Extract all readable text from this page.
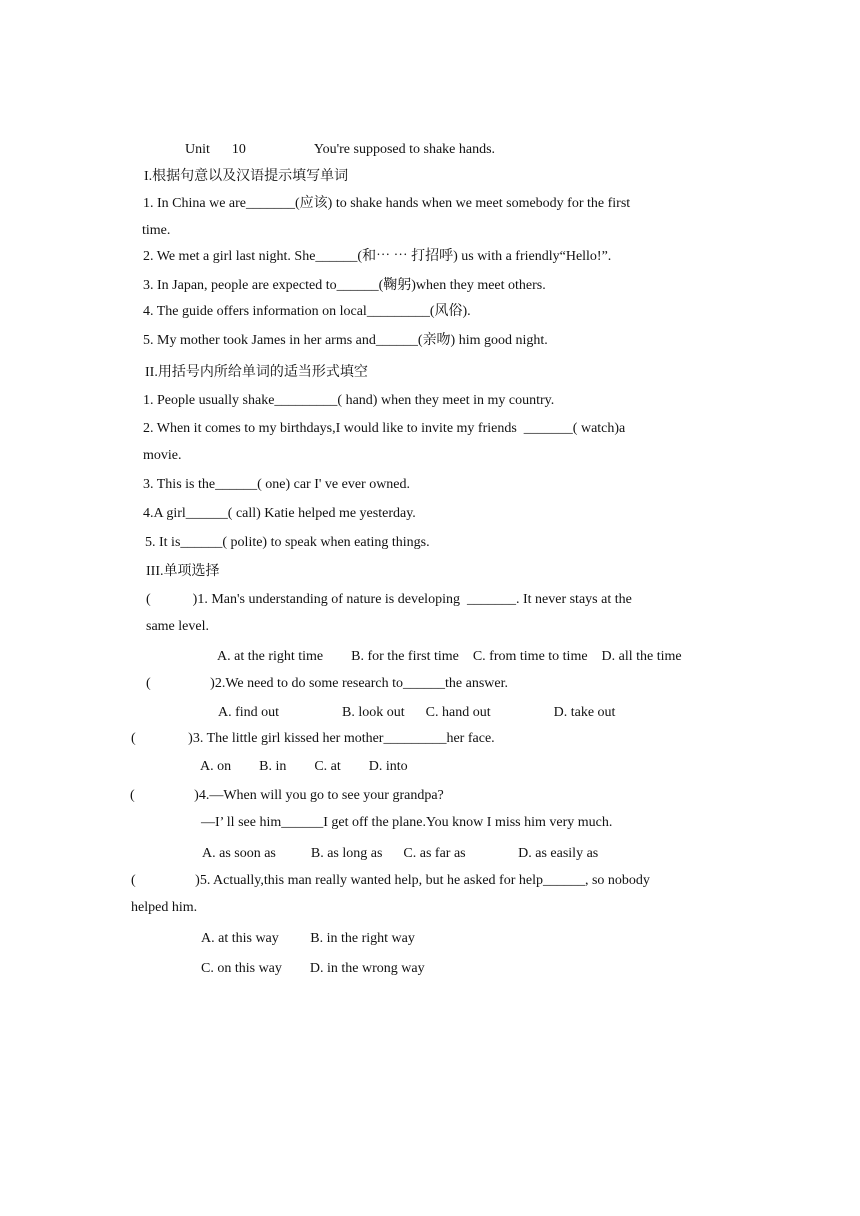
Unit 10	You're supposed to shake hands.

I.根据句意以及汉语提示填写单词
1. In China we are_______(应该) to shake hands when we meet somebody for the first
time.
2. We met a girl last night. She______(和⋯ ⋯ 打招呼) us with a friendly“Hello!”.
3. In Japan, people are expected to______(鞠躬)when they meet others.
4. The guide offers information on local_________(风俗).
5. My mother took James in her arms and______(亲吻) him good night.
II.用括号内所给单词的适当形式填空
1. People usually shake_________( hand) when they meet in my country.
2. When it comes to my birthdays,I would like to invite my friends  _______( watch)a
movie.
3. This is the______( one) car I' ve ever owned.
4.A girl______( call) Katie helped me yesterday.
5. It is______( polite) to speak when eating things.
III.单项选择
(            )1. Man's understanding of nature is developing  _______. It never stays at the
same level.
A. at the right time        B. for the first time    C. from time to time    D. all the time
(                 )2.We need to do some research to______the answer.
A. find out                  B. look out      C. hand out                  D. take out
(               )3. The little girl kissed her mother_________her face.
A. on        B. in        C. at        D. into
(                 )4.—When will you go to see your grandpa?
—I’ ll see him______I get off the plane.You know I miss him very much.
A. as soon as          B. as long as      C. as far as               D. as easily as
(                 )5. Actually,this man really wanted help, but he asked for help______, so nobody
helped him.
A. at this way         B. in the right way
C. on this way        D. in the wrong way
